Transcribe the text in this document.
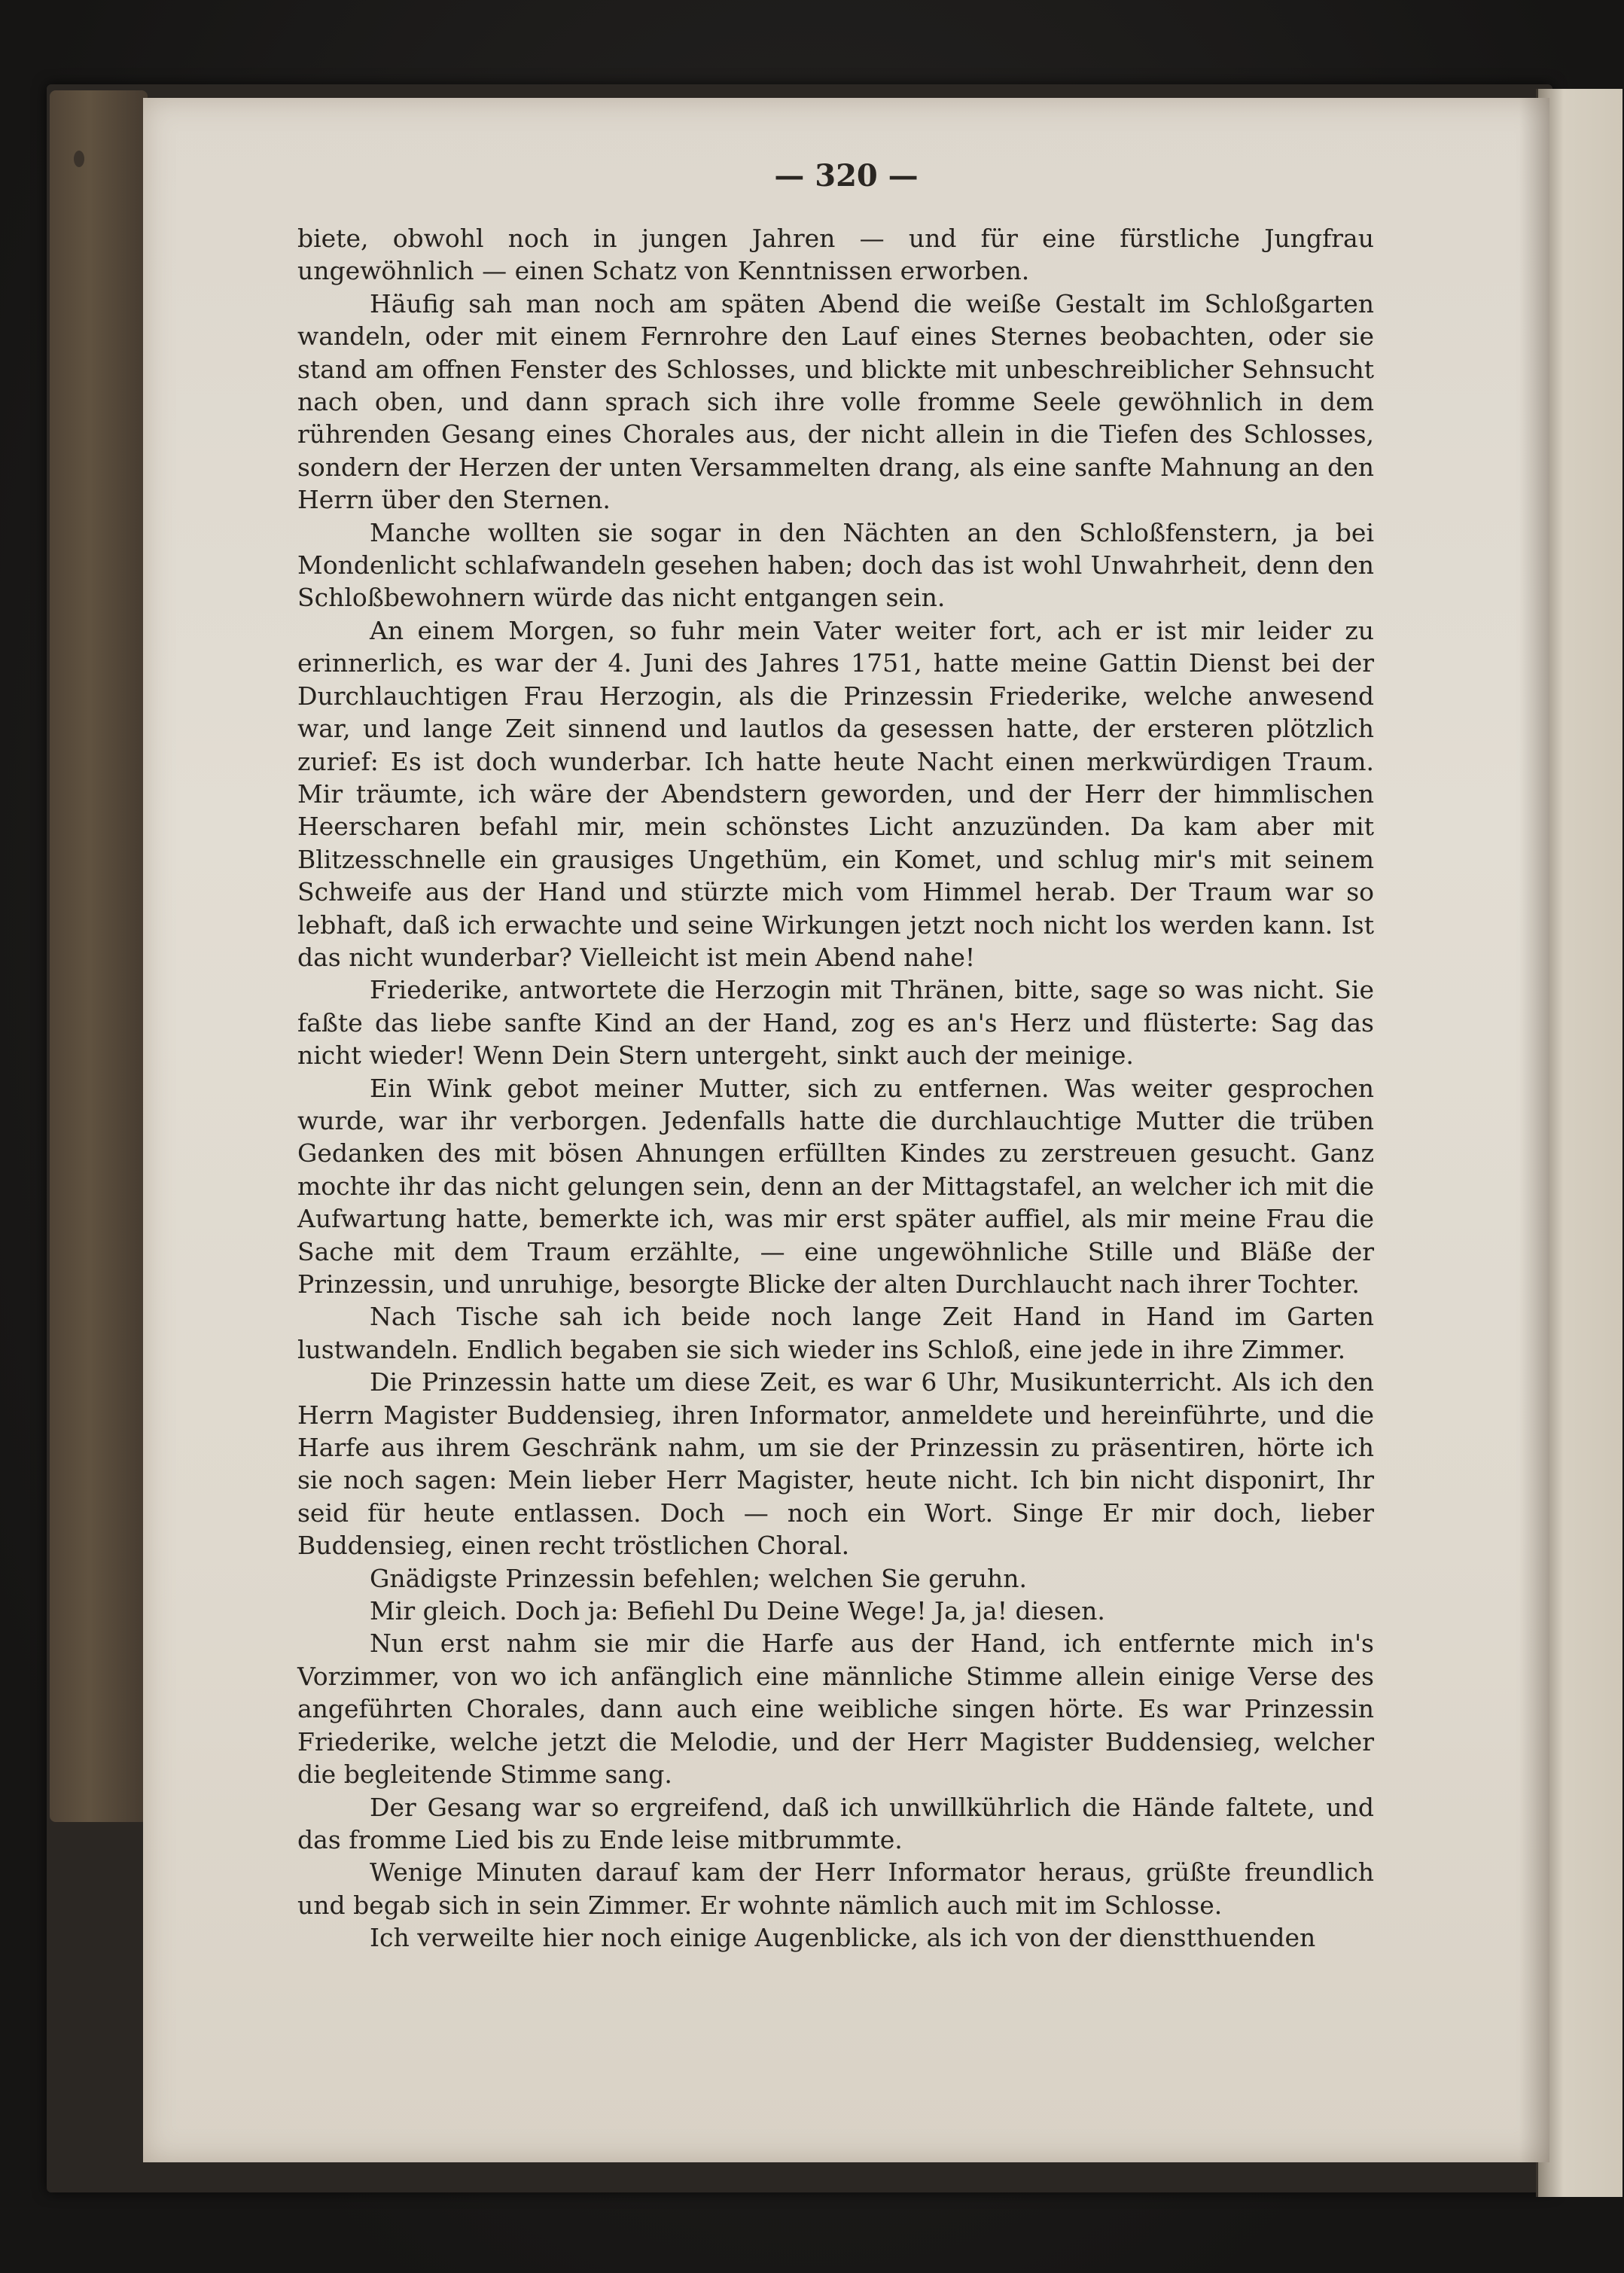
— 320 —

biete, obwohl noch in jungen Jahren — und für eine fürstliche Jungfrau ungewöhnlich — einen Schatz von Kenntnissen erworben.

Häufig sah man noch am späten Abend die weiße Gestalt im Schloßgarten wandeln, oder mit einem Fernrohre den Lauf eines Sternes beobachten, oder sie stand am offnen Fenster des Schlosses, und blickte mit unbeschreiblicher Sehnsucht nach oben, und dann sprach sich ihre volle fromme Seele gewöhnlich in dem rührenden Gesang eines Chorales aus, der nicht allein in die Tiefen des Schlosses, sondern der Herzen der unten Versammelten drang, als eine sanfte Mahnung an den Herrn über den Sternen.

Manche wollten sie sogar in den Nächten an den Schloßfenstern, ja bei Mondenlicht schlafwandeln gesehen haben; doch das ist wohl Unwahrheit, denn den Schloßbewohnern würde das nicht entgangen sein.

An einem Morgen, so fuhr mein Vater weiter fort, ach er ist mir leider zu erinnerlich, es war der 4. Juni des Jahres 1751, hatte meine Gattin Dienst bei der Durchlauchtigen Frau Herzogin, als die Prinzessin Friederike, welche anwesend war, und lange Zeit sinnend und lautlos da gesessen hatte, der ersteren plötzlich zurief: Es ist doch wunderbar. Ich hatte heute Nacht einen merkwürdigen Traum. Mir träumte, ich wäre der Abendstern geworden, und der Herr der himmlischen Heerscharen befahl mir, mein schönstes Licht anzuzünden. Da kam aber mit Blitzesschnelle ein grausiges Ungethüm, ein Komet, und schlug mir's mit seinem Schweife aus der Hand und stürzte mich vom Himmel herab. Der Traum war so lebhaft, daß ich erwachte und seine Wirkungen jetzt noch nicht los werden kann. Ist das nicht wunderbar? Vielleicht ist mein Abend nahe!

Friederike, antwortete die Herzogin mit Thränen, bitte, sage so was nicht. Sie faßte das liebe sanfte Kind an der Hand, zog es an's Herz und flüsterte: Sag das nicht wieder! Wenn Dein Stern untergeht, sinkt auch der meinige.

Ein Wink gebot meiner Mutter, sich zu entfernen. Was weiter gesprochen wurde, war ihr verborgen. Jedenfalls hatte die durchlauchtige Mutter die trüben Gedanken des mit bösen Ahnungen erfüllten Kindes zu zerstreuen gesucht. Ganz mochte ihr das nicht gelungen sein, denn an der Mittagstafel, an welcher ich mit die Aufwartung hatte, bemerkte ich, was mir erst später auffiel, als mir meine Frau die Sache mit dem Traum erzählte, — eine ungewöhnliche Stille und Bläße der Prinzessin, und unruhige, besorgte Blicke der alten Durchlaucht nach ihrer Tochter.

Nach Tische sah ich beide noch lange Zeit Hand in Hand im Garten lustwandeln. Endlich begaben sie sich wieder ins Schloß, eine jede in ihre Zimmer.

Die Prinzessin hatte um diese Zeit, es war 6 Uhr, Musikunterricht. Als ich den Herrn Magister Buddensieg, ihren Informator, anmeldete und hereinführte, und die Harfe aus ihrem Geschränk nahm, um sie der Prinzessin zu präsentiren, hörte ich sie noch sagen: Mein lieber Herr Magister, heute nicht. Ich bin nicht disponirt, Ihr seid für heute entlassen. Doch — noch ein Wort. Singe Er mir doch, lieber Buddensieg, einen recht tröstlichen Choral.

Gnädigste Prinzessin befehlen; welchen Sie geruhn.

Mir gleich. Doch ja: Befiehl Du Deine Wege! Ja, ja! diesen.

Nun erst nahm sie mir die Harfe aus der Hand, ich entfernte mich in's Vorzimmer, von wo ich anfänglich eine männliche Stimme allein einige Verse des angeführten Chorales, dann auch eine weibliche singen hörte. Es war Prinzessin Friederike, welche jetzt die Melodie, und der Herr Magister Buddensieg, welcher die begleitende Stimme sang.

Der Gesang war so ergreifend, daß ich unwillkührlich die Hände faltete, und das fromme Lied bis zu Ende leise mitbrummte.

Wenige Minuten darauf kam der Herr Informator heraus, grüßte freundlich und begab sich in sein Zimmer. Er wohnte nämlich auch mit im Schlosse.

Ich verweilte hier noch einige Augenblicke, als ich von der dienstthuenden
